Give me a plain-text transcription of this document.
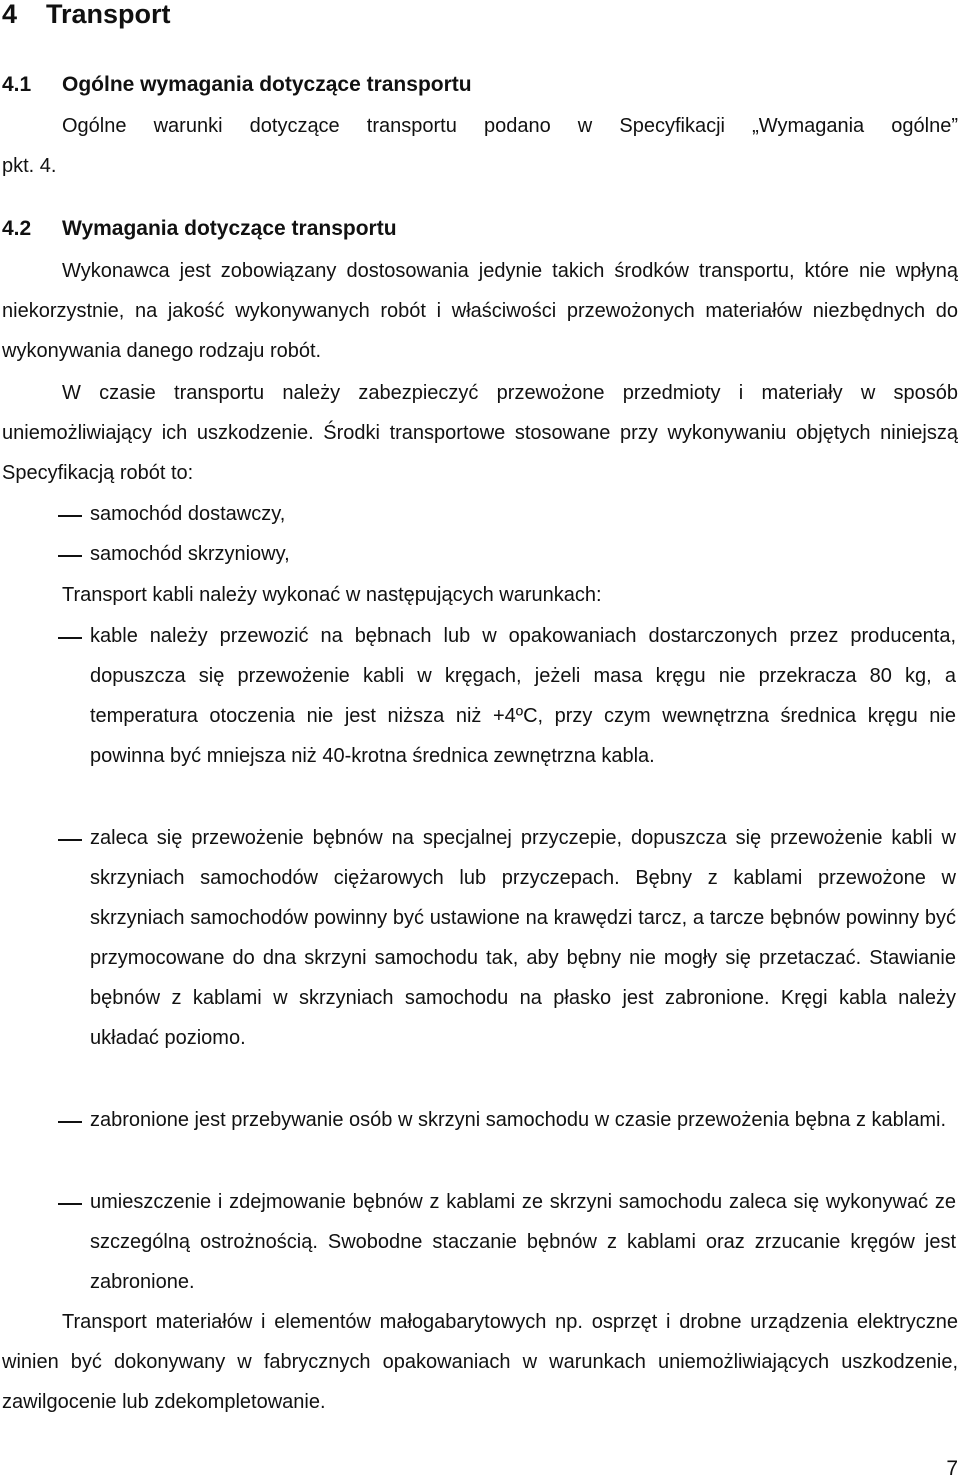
4 Transport
4.1 Ogólne wymagania dotyczące transportu
Ogólne warunki dotyczące transportu podano w Specyfikacji „Wymagania ogólne”
pkt. 4.
4.2 Wymagania dotyczące transportu
Wykonawca jest zobowiązany dostosowania jedynie takich środków transportu, które nie wpłyną niekorzystnie, na jakość wykonywanych robót i właściwości przewożonych materiałów niezbędnych do wykonywania danego rodzaju robót.
W czasie transportu należy zabezpieczyć przewożone przedmioty i materiały w sposób uniemożliwiający ich uszkodzenie. Środki transportowe stosowane przy wykonywaniu objętych niniejszą Specyfikacją robót to:
samochód dostawczy,
samochód skrzyniowy,
Transport kabli należy wykonać w następujących warunkach:
kable należy przewozić na bębnach lub w opakowaniach dostarczonych przez producenta, dopuszcza się przewożenie kabli w kręgach, jeżeli masa kręgu nie przekracza 80 kg, a temperatura otoczenia nie jest niższa niż +4ºC, przy czym wewnętrzna średnica kręgu nie powinna być mniejsza niż 40-krotna średnica zewnętrzna kabla.
zaleca się przewożenie bębnów na specjalnej przyczepie, dopuszcza się przewożenie kabli w skrzyniach samochodów ciężarowych lub przyczepach. Bębny z kablami przewożone w skrzyniach samochodów powinny być ustawione na krawędzi tarcz, a tarcze bębnów powinny być przymocowane do dna skrzyni samochodu tak, aby bębny nie mogły się przetaczać. Stawianie bębnów z kablami w skrzyniach samochodu na płasko jest zabronione. Kręgi kabla należy układać poziomo.
zabronione jest przebywanie osób w skrzyni samochodu w czasie przewożenia bębna z kablami.
umieszczenie i zdejmowanie bębnów z kablami ze skrzyni samochodu zaleca się wykonywać ze szczególną ostrożnością. Swobodne staczanie bębnów z kablami oraz zrzucanie kręgów jest zabronione.
Transport materiałów i elementów małogabarytowych np. osprzęt i drobne urządzenia elektryczne winien być dokonywany w fabrycznych opakowaniach w warunkach uniemożliwiających uszkodzenie, zawilgocenie lub zdekompletowanie.
7
